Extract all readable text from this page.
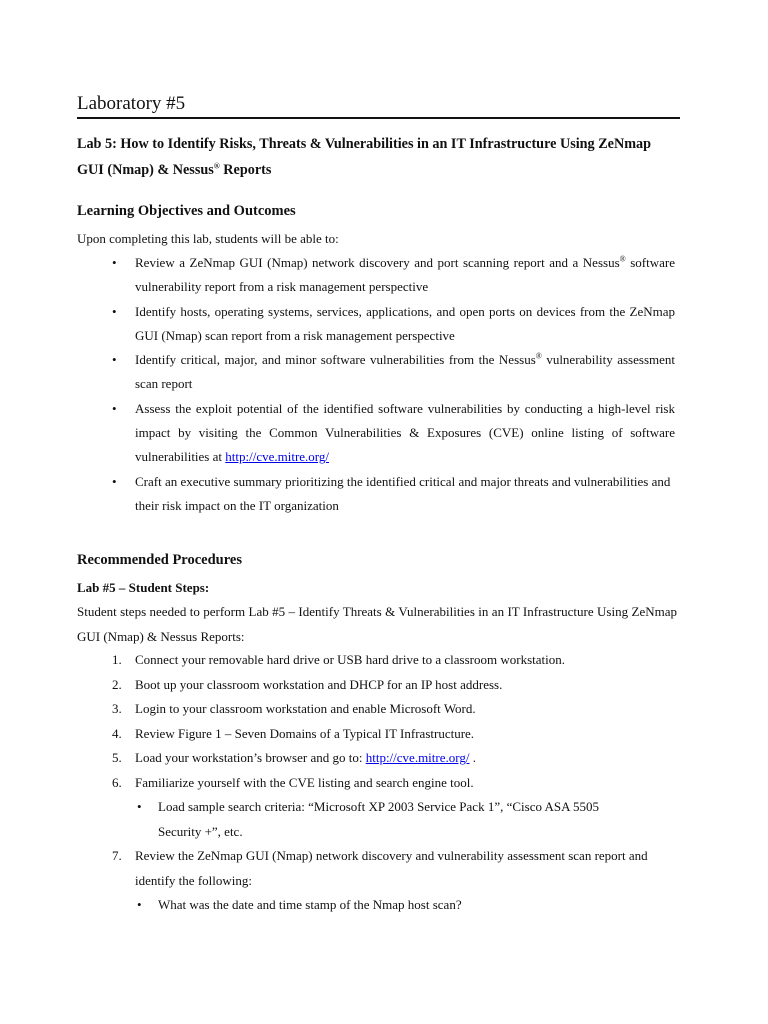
Laboratory #5
Lab 5: How to Identify Risks, Threats & Vulnerabilities in an IT Infrastructure Using ZeNmap
GUI (Nmap) & Nessus® Reports
Learning Objectives and Outcomes
Upon completing this lab, students will be able to:
• Review a ZeNmap GUI (Nmap) network discovery and port scanning report and a Nessus® software vulnerability report from a risk management perspective
• Identify hosts, operating systems, services, applications, and open ports on devices from the ZeNmap GUI (Nmap) scan report from a risk management perspective
• Identify critical, major, and minor software vulnerabilities from the Nessus® vulnerability assessment scan report
• Assess the exploit potential of the identified software vulnerabilities by conducting a high-level risk impact by visiting the Common Vulnerabilities & Exposures (CVE) online listing of software vulnerabilities at http://cve.mitre.org/
• Craft an executive summary prioritizing the identified critical and major threats and vulnerabilities and their risk impact on the IT organization
Recommended Procedures
Lab #5 – Student Steps:
Student steps needed to perform Lab #5 – Identify Threats & Vulnerabilities in an IT Infrastructure Using ZeNmap GUI (Nmap) & Nessus Reports:
1. Connect your removable hard drive or USB hard drive to a classroom workstation.
2. Boot up your classroom workstation and DHCP for an IP host address.
3. Login to your classroom workstation and enable Microsoft Word.
4. Review Figure 1 – Seven Domains of a Typical IT Infrastructure.
5. Load your workstation’s browser and go to: http://cve.mitre.org/ .
6. Familiarize yourself with the CVE listing and search engine tool.
• Load sample search criteria: “Microsoft XP 2003 Service Pack 1”, “Cisco ASA 5505 Security +”, etc.
7. Review the ZeNmap GUI (Nmap) network discovery and vulnerability assessment scan report and identify the following:
• What was the date and time stamp of the Nmap host scan?
